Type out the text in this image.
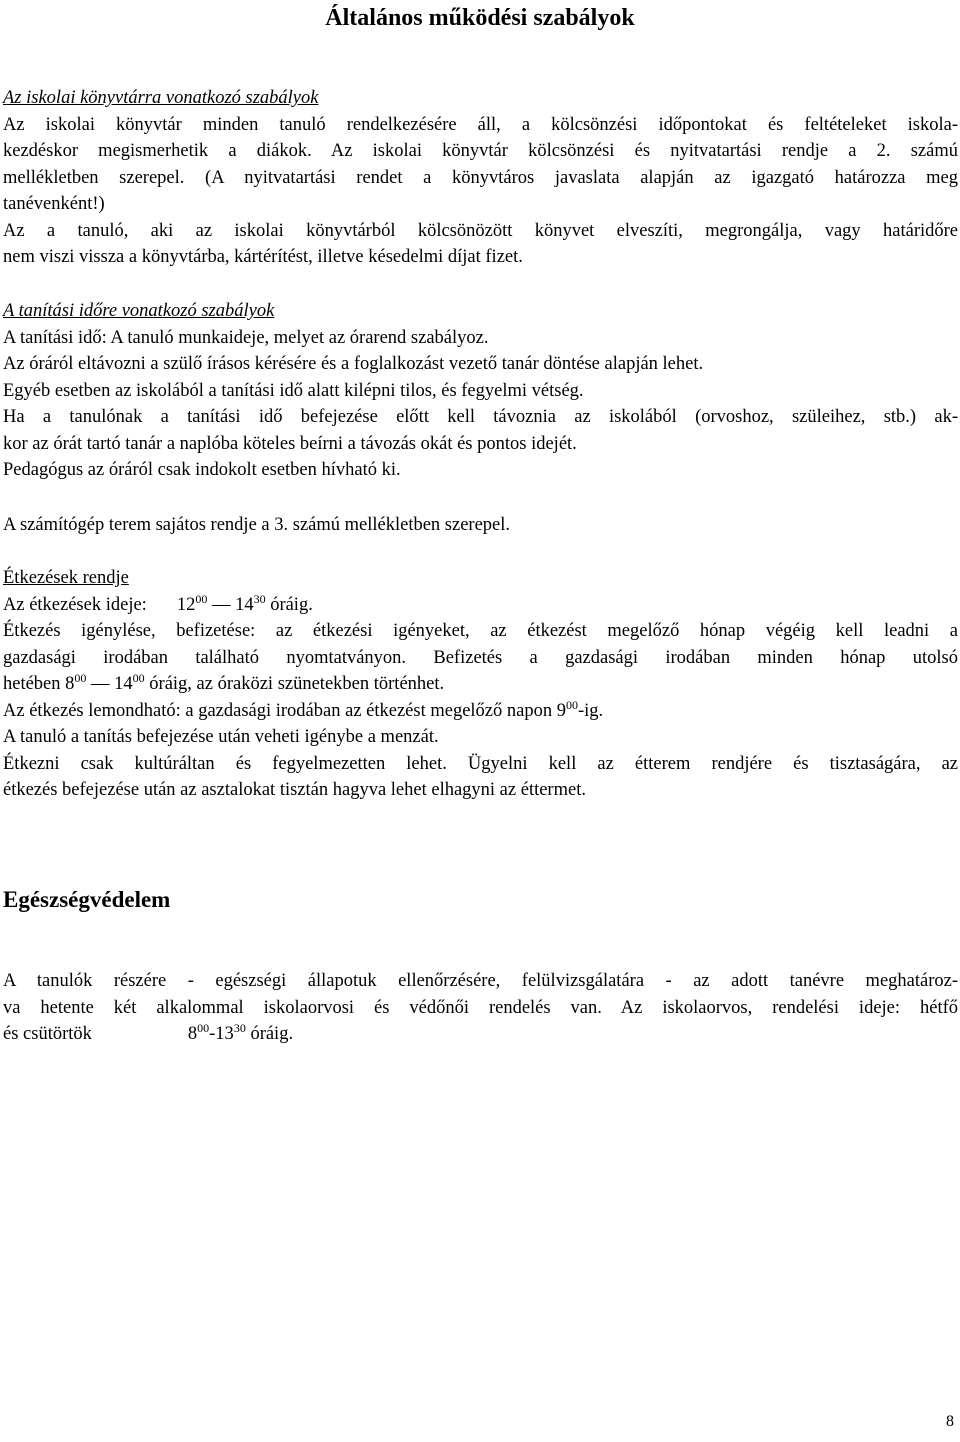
Általános működési szabályok
Az iskolai könyvtárra vonatkozó szabályok
Az iskolai könyvtár minden tanuló rendelkezésére áll, a kölcsönzési időpontokat és feltételeket iskola-
kezdéskor megismerhetik a diákok. Az iskolai könyvtár kölcsönzési és nyitvatartási rendje a 2. számú
mellékletben szerepel. (A nyitvatartási rendet a könyvtáros javaslata alapján az igazgató határozza meg
tanévenként!)
Az a tanuló, aki az iskolai könyvtárból kölcsönözött könyvet elveszíti, megrongálja, vagy határidőre
nem viszi vissza a könyvtárba, kártérítést, illetve késedelmi díjat fizet.
A tanítási időre vonatkozó szabályok
A tanítási idő: A tanuló munkaideje, melyet az órarend szabályoz.
Az óráról eltávozni a szülő írásos kérésére és a foglalkozást vezető tanár döntése alapján lehet.
Egyéb esetben az iskolából a tanítási idő alatt kilépni tilos, és fegyelmi vétség.
Ha a tanulónak a tanítási idő befejezése előtt kell távoznia az iskolából (orvoshoz, szüleihez, stb.) ak-
kor az órát tartó tanár a naplóba köteles beírni a távozás okát és pontos idejét.
Pedagógus az óráról csak indokolt esetben hívható ki.
A számítógép terem sajátos rendje a 3. számú mellékletben szerepel.
Étkezések rendje
Az étkezések ideje: $12^{00}$ — $14^{30}$ óráig.
Étkezés igénylése, befizetése: az étkezési igényeket, az étkezést megelőző hónap végéig kell leadni a
gazdasági irodában található nyomtatványon. Befizetés a gazdasági irodában minden hónap utolsó
hetében $8^{00}$ — $14^{00}$ óráig, az óraközi szünetekben történhet.
Az étkezés lemondható: a gazdasági irodában az étkezést megelőző napon $9^{00}-ig$.
A tanuló a tanítás befejezése után veheti igénybe a menzát.
Étkezni csak kultúráltan és fegyelmezetten lehet. Ügyelni kell az étterem rendjére és tisztaságára, az
étkezés befejezése után az asztalokat tisztán hagyva lehet elhagyni az éttermet.
Egészségvédelem
A tanulók részére - egészségi állapotuk ellenőrzésére, felülvizsgálatára - az adott tanévre meghatároz-
va hetente két alkalommal iskolaorvosi és védőnői rendelés van. Az iskolaorvos, rendelési ideje: hétfő
és csütörtök	$8^{00}-13^{30}$ óráig.
8
